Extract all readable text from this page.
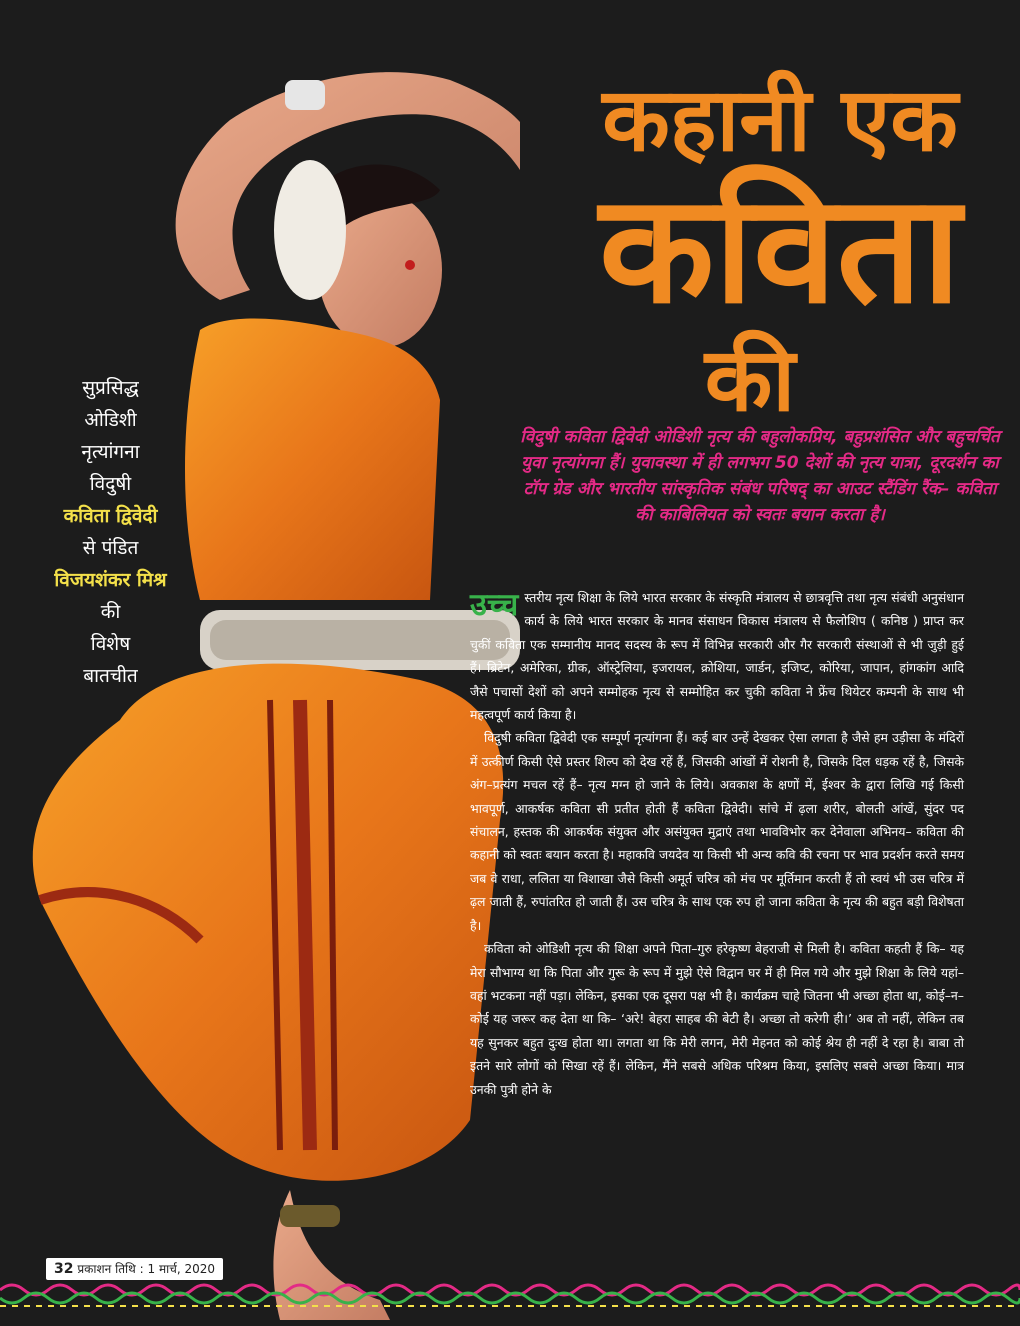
कहानी एक
कविता
की
सुप्रसिद्ध
ओडिशी
नृत्यांगना
विदुषी
कविता द्विवेदी
से पंडित
विजयशंकर मिश्र
की
विशेष
बातचीत
विदुषी कविता द्विवेदी ओडिशी नृत्य की बहुलोकप्रिय, बहुप्रशंसित और बहुचर्चित युवा नृत्यांगना हैं। युवावस्था में ही लगभग 50 देशों की नृत्य यात्रा, दूरदर्शन का टॉप ग्रेड और भारतीय सांस्कृतिक संबंध परिषद् का आउट स्टैंडिंग रैंक– कविता की काबिलियत को स्वतः बयान करता है।

उच्च स्तरीय नृत्य शिक्षा के लिये भारत सरकार के संस्कृति मंत्रालय से छात्रवृत्ति तथा नृत्य संबंधी अनुसंधान कार्य के लिये भारत सरकार के मानव संसाधन विकास मंत्रालय से फैलोशिप ( कनिष्ठ ) प्राप्त कर चुकीं कविता एक सम्मानीय मानद सदस्य के रूप में विभिन्न सरकारी और गैर सरकारी संस्थाओं से भी जुड़ी हुई हैं। ब्रिटेन, अमेरिका, ग्रीक, ऑस्ट्रेलिया, इजरायल, क्रोशिया, जार्डन, इजिप्ट, कोरिया, जापान, हांगकांग आदि जैसे पचासों देशों को अपने सम्मोहक नृत्य से सम्मोहित कर चुकी कविता ने फ्रेंच थियेटर कम्पनी के साथ भी महत्वपूर्ण कार्य किया है।

विदुषी कविता द्विवेदी एक सम्पूर्ण नृत्यांगना हैं। कई बार उन्हें देखकर ऐसा लगता है जैसे हम उड़ीसा के मंदिरों में उत्कीर्ण किसी ऐसे प्रस्तर शिल्प को देख रहें हैं, जिसकी आंखों में रोशनी है, जिसके दिल धड़क रहें है, जिसके अंग–प्रत्यंग मचल रहें हैं– नृत्य मग्न हो जाने के लिये। अवकाश के क्षणों में, ईश्वर के द्वारा लिखि गई किसी भावपूर्ण, आकर्षक कविता सी प्रतीत होती हैं कविता द्विवेदी। सांचे में ढ़ला शरीर, बोलती आंखें, सुंदर पद संचालन, हस्तक की आकर्षक संयुक्त और असंयुक्त मुद्राएं तथा भावविभोर कर देनेवाला अभिनय– कविता की कहानी को स्वतः बयान करता है। महाकवि जयदेव या किसी भी अन्य कवि की रचना पर भाव प्रदर्शन करते समय जब वे राधा, ललिता या विशाखा जैसे किसी अमूर्त चरित्र को मंच पर मूर्तिमान करती हैं तो स्वयं भी उस चरित्र में ढ़ल जाती हैं, रुपांतरित हो जाती हैं। उस चरित्र के साथ एक रुप हो जाना कविता के नृत्य की बहुत बड़ी विशेषता है।

कविता को ओडिशी नृत्य की शिक्षा अपने पिता–गुरु हरेकृष्ण बेहराजी से मिली है। कविता कहती हैं कि– यह मेरा सौभाग्य था कि पिता और गुरू के रूप में मुझे ऐसे विद्वान घर में ही मिल गये और मुझे शिक्षा के लिये यहां–वहां भटकना नहीं पड़ा। लेकिन, इसका एक दूसरा पक्ष भी है। कार्यक्रम चाहे जितना भी अच्छा होता था, कोई–न–कोई यह जरूर कह देता था कि– ‘अरे! बेहरा साहब की बेटी है। अच्छा तो करेगी ही।’ अब तो नहीं, लेकिन तब यह सुनकर बहुत दुःख होता था। लगता था कि मेरी लगन, मेरी मेहनत को कोई श्रेय ही नहीं दे रहा है। बाबा तो इतने सारे लोगों को सिखा रहें हैं। लेकिन, मैंने सबसे अधिक परिश्रम किया, इसलिए सबसे अच्छा किया। मात्र उनकी पुत्री होने के

32 प्रकाशन तिथि : 1 मार्च, 2020
